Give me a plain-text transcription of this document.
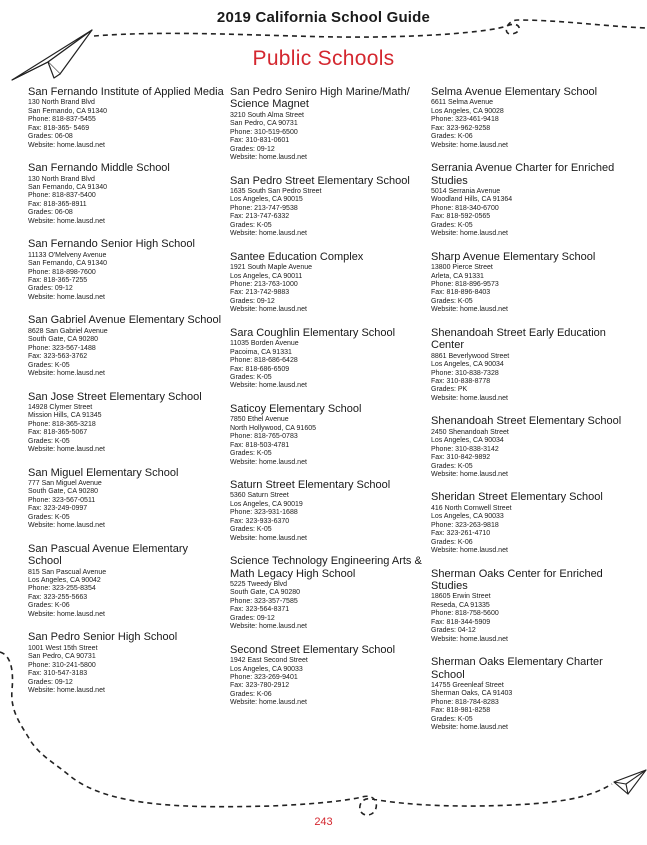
2019 California School Guide
Public Schools
San Fernando Institute of Applied Media
130 North Brand Blvd
San Fernando, CA 91340
Phone: 818-837-5455
Fax: 818-365- 5469
Grades: 06-08
Website: home.lausd.net
San Fernando Middle School
130 North Brand Blvd
San Fernando, CA 91340
Phone: 818-837-5400
Fax: 818-365-8911
Grades: 06-08
Website: home.lausd.net
San Fernando Senior High School
11133 O'Melveny Avenue
San Fernando, CA 91340
Phone: 818-898-7600
Fax: 818-365-7255
Grades: 09-12
Website: home.lausd.net
San Gabriel Avenue Elementary School
8628 San Gabriel Avenue
South Gate, CA 90280
Phone: 323-567-1488
Fax: 323-563-3762
Grades: K-05
Website: home.lausd.net
San Jose Street Elementary School
14928 Clymer Street
Mission Hills, CA 91345
Phone: 818-365-3218
Fax: 818-365-5067
Grades: K-05
Website: home.lausd.net
San Miguel Elementary School
777 San Miguel Avenue
South Gate, CA 90280
Phone: 323-567-0511
Fax: 323-249-0997
Grades: K-05
Website: home.lausd.net
San Pascual Avenue Elementary School
815 San Pascual Avenue
Los Angeles, CA 90042
Phone: 323-255-8354
Fax: 323-255-5663
Grades: K-06
Website: home.lausd.net
San Pedro Senior High School
1001 West 15th Street
San Pedro, CA 90731
Phone: 310-241-5800
Fax: 310-547-3183
Grades: 09-12
Website: home.lausd.net
San Pedro Seniro High Marine/Math/ Science Magnet
3210 South Alma Street
San Pedro, CA 90731
Phone: 310-519-6500
Fax: 310-831-0601
Grades: 09-12
Website: home.lausd.net
San Pedro Street Elementary School
1635 South San Pedro Street
Los Angeles, CA 90015
Phone: 213-747-9538
Fax: 213-747-6332
Grades: K-05
Website: home.lausd.net
Santee Education Complex
1921 South Maple Avenue
Los Angeles, CA 90011
Phone: 213-763-1000
Fax: 213-742-9883
Grades: 09-12
Website: home.lausd.net
Sara Coughlin Elementary School
11035 Borden Avenue
Pacoima, CA 91331
Phone: 818-686-6428
Fax: 818-686-6509
Grades: K-05
Website: home.lausd.net
Saticoy Elementary School
7850 Ethel Avenue
North Hollywood, CA 91605
Phone: 818-765-0783
Fax: 818-503-4781
Grades: K-05
Website: home.lausd.net
Saturn Street Elementary School
5360 Saturn Street
Los Angeles, CA 90019
Phone: 323-931-1688
Fax: 323-933-6370
Grades: K-05
Website: home.lausd.net
Science Technology Engineering Arts & Math Legacy High School
5225 Tweedy Blvd
South Gate, CA 90280
Phone: 323-357-7585
Fax: 323-564-8371
Grades: 09-12
Website: home.lausd.net
Second Street Elementary School
1942 East Second Street
Los Angeles, CA 90033
Phone: 323-269-9401
Fax: 323-780-2912
Grades: K-06
Website: home.lausd.net
Selma Avenue Elementary School
6611 Selma Avenue
Los Angeles, CA 90028
Phone: 323-461-9418
Fax: 323-962-9258
Grades: K-06
Website: home.lausd.net
Serrania Avenue Charter for Enriched Studies
5014 Serrania Avenue
Woodland Hills, CA 91364
Phone: 818-340-6700
Fax: 818-592-0565
Grades: K-05
Website: home.lausd.net
Sharp Avenue Elementary School
13800 Pierce Street
Arleta, CA 91331
Phone: 818-896-9573
Fax: 818-896-8403
Grades: K-05
Website: home.lausd.net
Shenandoah Street Early Education Center
8861 Beverlywood Street
Los Angeles, CA 90034
Phone: 310-838-7328
Fax: 310-838-8778
Grades: PK
Website: home.lausd.net
Shenandoah Street Elementary School
2450 Shenandoah Street
Los Angeles, CA 90034
Phone: 310-838-3142
Fax: 310-842-9892
Grades: K-05
Website: home.lausd.net
Sheridan Street Elementary School
416 North Cornwell Street
Los Angeles, CA 90033
Phone: 323-263-9818
Fax: 323-261-4710
Grades: K-06
Website: home.lausd.net
Sherman Oaks Center for Enriched Studies
18605 Erwin Street
Reseda, CA 91335
Phone: 818-758-5600
Fax: 818-344-5909
Grades: 04-12
Website: home.lausd.net
Sherman Oaks Elementary Charter School
14755 Greenleaf Street
Sherman Oaks, CA 91403
Phone: 818-784-8283
Fax: 818-981-8258
Grades: K-05
Website: home.lausd.net
243
